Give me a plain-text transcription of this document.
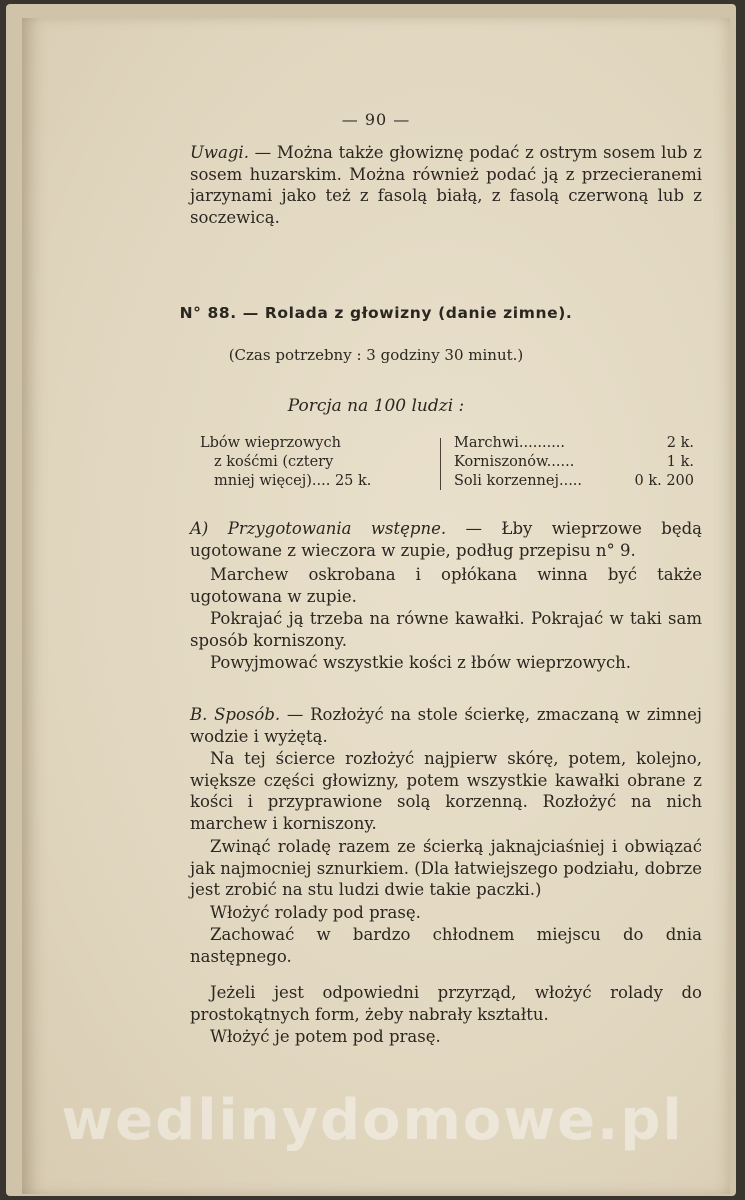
— 90 —

Uwagi. — Można także głowiznę podać z ostrym sosem lub z sosem huzarskim. Można również podać ją z przecieranemi jarzynami jako też z fasolą białą, z fasolą czerwoną lub z soczewicą.

N° 88. — Rolada z głowizny (danie zimne).
(Czas potrzebny : 3 godziny 30 minut.)
Porcja na 100 ludzi :
Lbów wieprzowych
z kośćmi (cztery
mniej więcej).... 25 k.
Marchwi..........	2 k.
Korniszonów......	1 k.
Soli korzennej.....	0 k. 200

A) Przygotowania wstępne. — Łby wieprzowe będą ugotowane z wieczora w zupie, podług przepisu n° 9.

Marchew oskrobana i opłókana winna być także ugotowana w zupie.

Pokrajać ją trzeba na równe kawałki. Pokrajać w taki sam sposób korniszony.

Powyjmować wszystkie kości z łbów wieprzowych.

B. Sposób. — Rozłożyć na stole ścierkę, zmaczaną w zimnej wodzie i wyżętą.

Na tej ścierce rozłożyć najpierw skórę, potem, kolejno, większe części głowizny, potem wszystkie kawałki obrane z kości i przyprawione solą korzenną. Rozłożyć na nich marchew i korniszony.

Zwinąć roladę razem ze ścierką jaknajciaśniej i obwiązać jak najmocniej sznurkiem. (Dla łatwiejszego podziału, dobrze jest zrobić na stu ludzi dwie takie paczki.)

Włożyć rolady pod prasę.

Zachować w bardzo chłodnem miejscu do dnia następnego.

Jeżeli jest odpowiedni przyrząd, włożyć rolady do prostokątnych form, żeby nabrały kształtu.

Włożyć je potem pod prasę.

wedlinydomowe.pl
